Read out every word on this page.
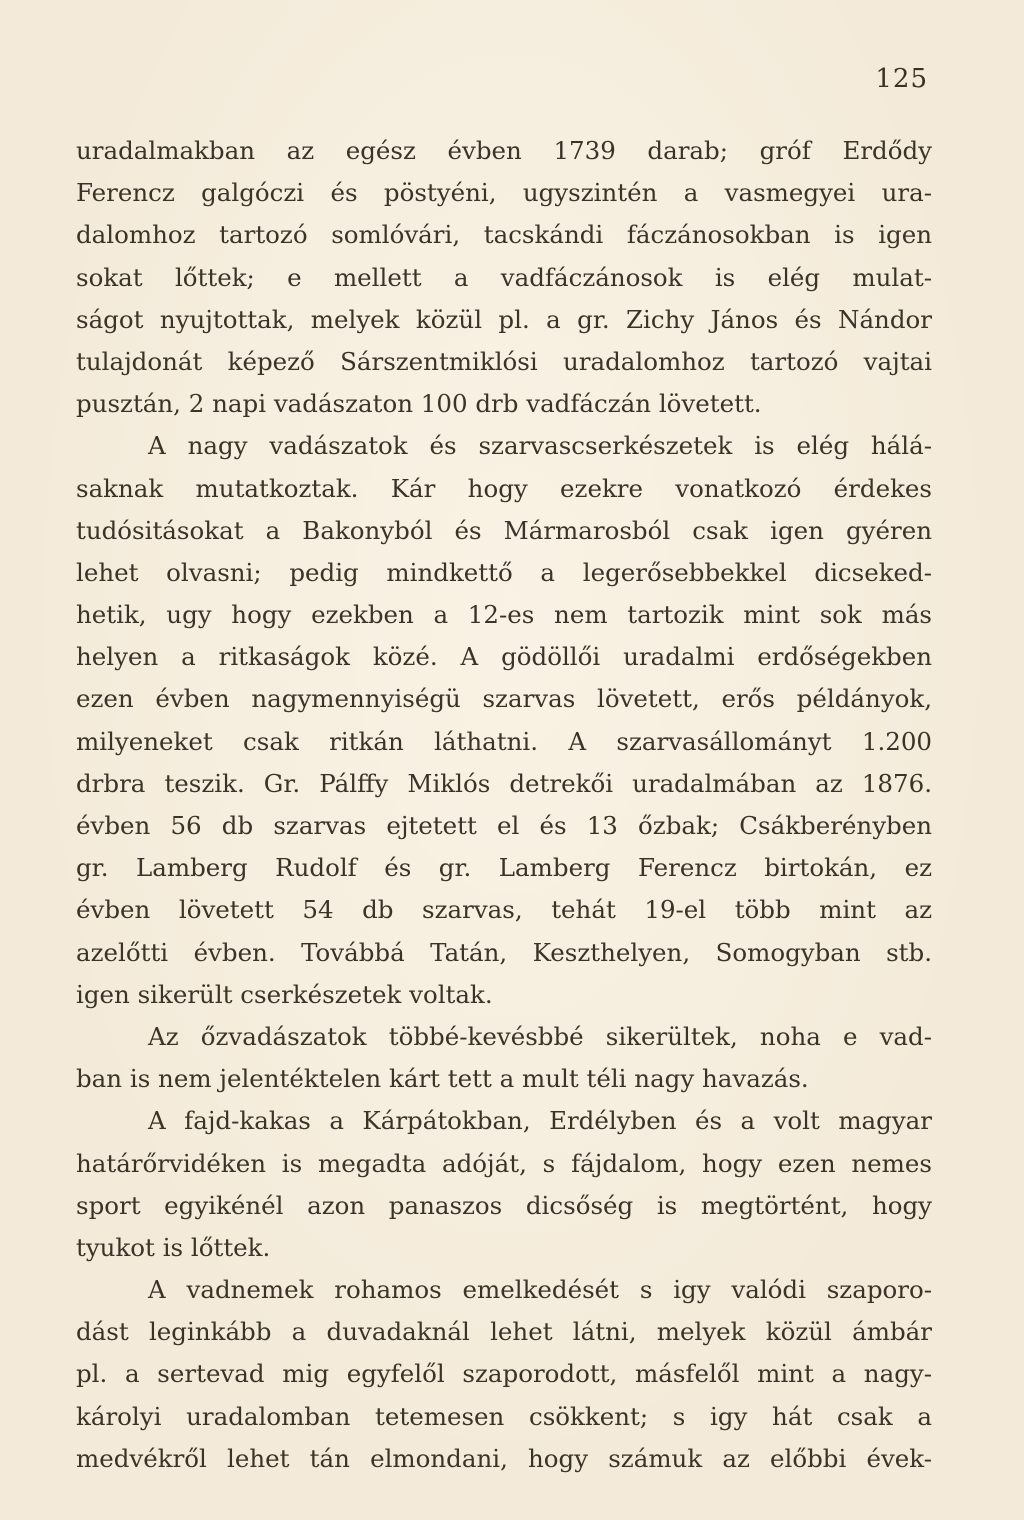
125
uradalmakban az egész évben 1739 darab; gróf Erdődy
Ferencz galgóczi és pöstyéni, ugyszintén a vasmegyei ura-
dalomhoz tartozó somlóvári, tacskándi fáczánosokban is igen
sokat lőttek; e mellett a vadfáczánosok is elég mulat-
ságot nyujtottak, melyek közül pl. a gr. Zichy János és Nándor
tulajdonát képező Sárszentmiklósi uradalomhoz tartozó vajtai
pusztán, 2 napi vadászaton 100 drb vadfáczán lövetett.
A nagy vadászatok és szarvascserkészetek is elég hálá-
saknak mutatkoztak. Kár hogy ezekre vonatkozó érdekes
tudósitásokat a Bakonyból és Mármarosból csak igen gyéren
lehet olvasni; pedig mindkettő a legerősebbekkel dicseked-
hetik, ugy hogy ezekben a 12-es nem tartozik mint sok más
helyen a ritkaságok közé. A gödöllői uradalmi erdőségekben
ezen évben nagymennyiségü szarvas lövetett, erős példányok,
milyeneket csak ritkán láthatni. A szarvasállományt 1.200
drbra teszik. Gr. Pálffy Miklós detrekői uradalmában az 1876.
évben 56 db szarvas ejtetett el és 13 őzbak; Csákberényben
gr. Lamberg Rudolf és gr. Lamberg Ferencz birtokán, ez
évben lövetett 54 db szarvas, tehát 19-el több mint az
azelőtti évben. Továbbá Tatán, Keszthelyen, Somogyban stb.
igen sikerült cserkészetek voltak.
Az őzvadászatok többé-kevésbbé sikerültek, noha e vad-
ban is nem jelentéktelen kárt tett a mult téli nagy havazás.
A fajd-kakas a Kárpátokban, Erdélyben és a volt magyar
határőrvidéken is megadta adóját, s fájdalom, hogy ezen nemes
sport egyikénél azon panaszos dicsőség is megtörtént, hogy
tyukot is lőttek.
A vadnemek rohamos emelkedését s igy valódi szaporo-
dást leginkább a duvadaknál lehet látni, melyek közül ámbár
pl. a sertevad mig egyfelől szaporodott, másfelől mint a nagy-
károlyi uradalomban tetemesen csökkent; s igy hát csak a
medvékről lehet tán elmondani, hogy számuk az előbbi évek-
